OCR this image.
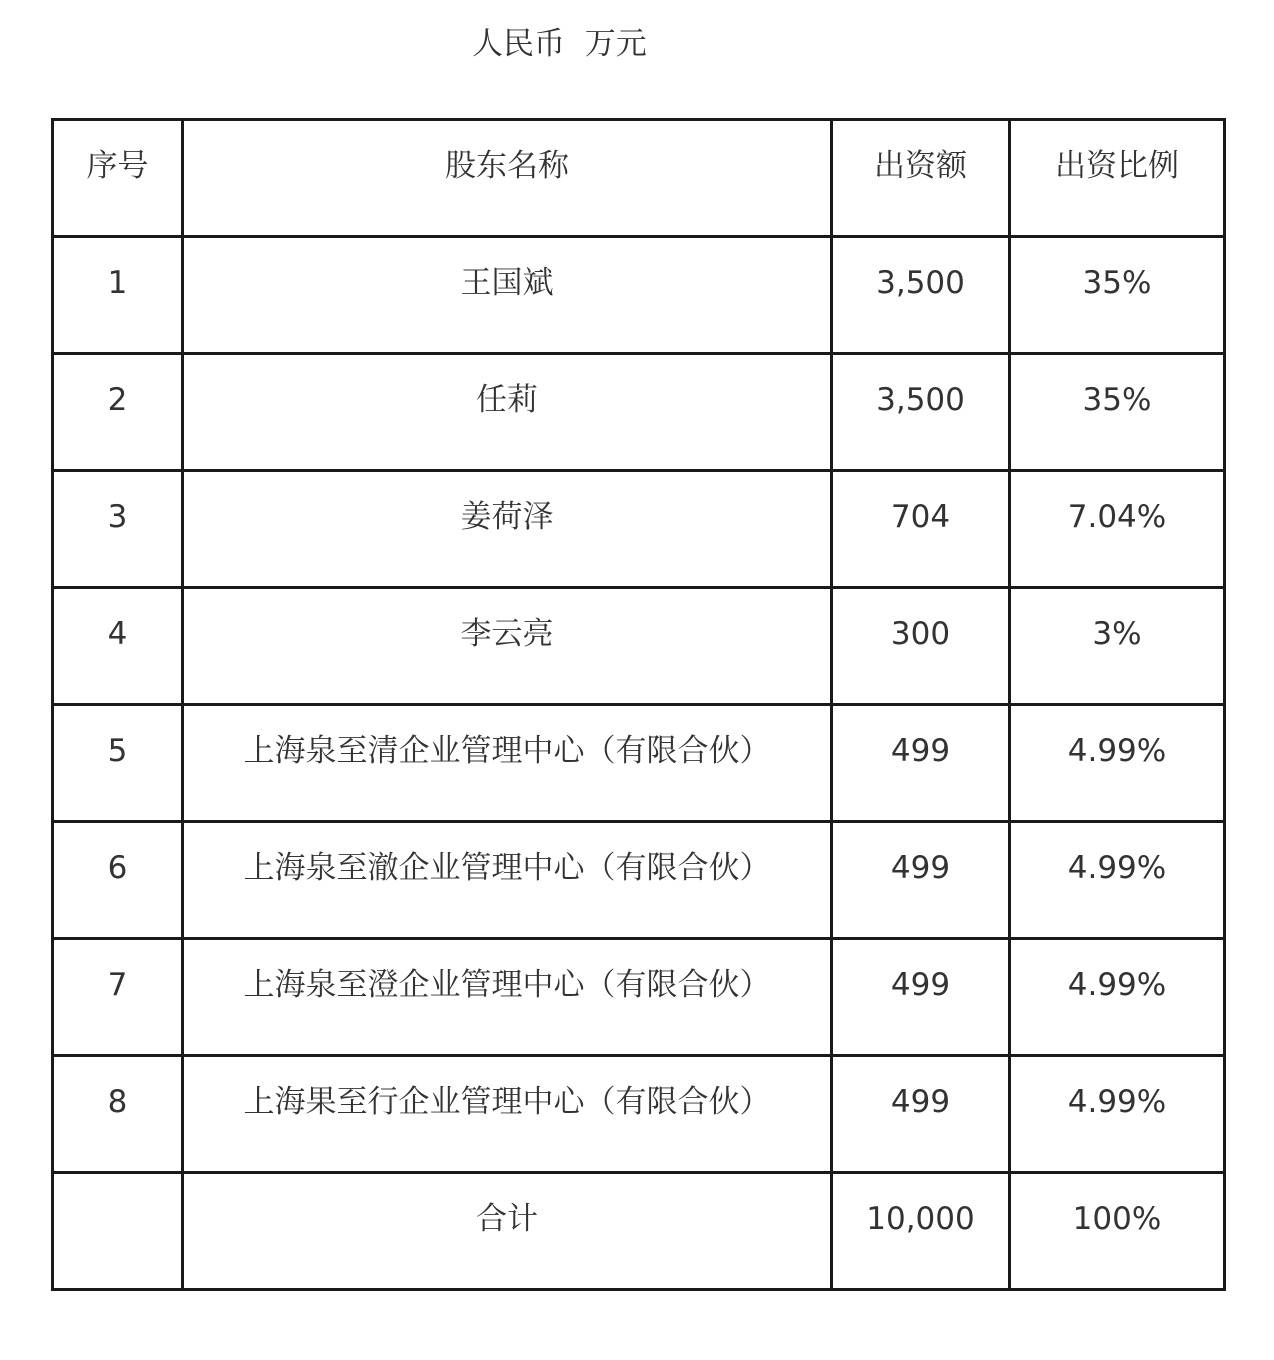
人民币  万元
序号	股东名称	出资额	出资比例

1	王国斌	3,500	35%

2	任莉	3,500	35%

3	姜荷泽	704	7.04%

4	李云亮	300	3%

5	上海泉至清企业管理中心（有限合伙）	499	4.99%

6	上海泉至澈企业管理中心（有限合伙）	499	4.99%

7	上海泉至澄企业管理中心（有限合伙）	499	4.99%

8	上海果至行企业管理中心（有限合伙）	499	4.99%

	合计	10,000	100%
